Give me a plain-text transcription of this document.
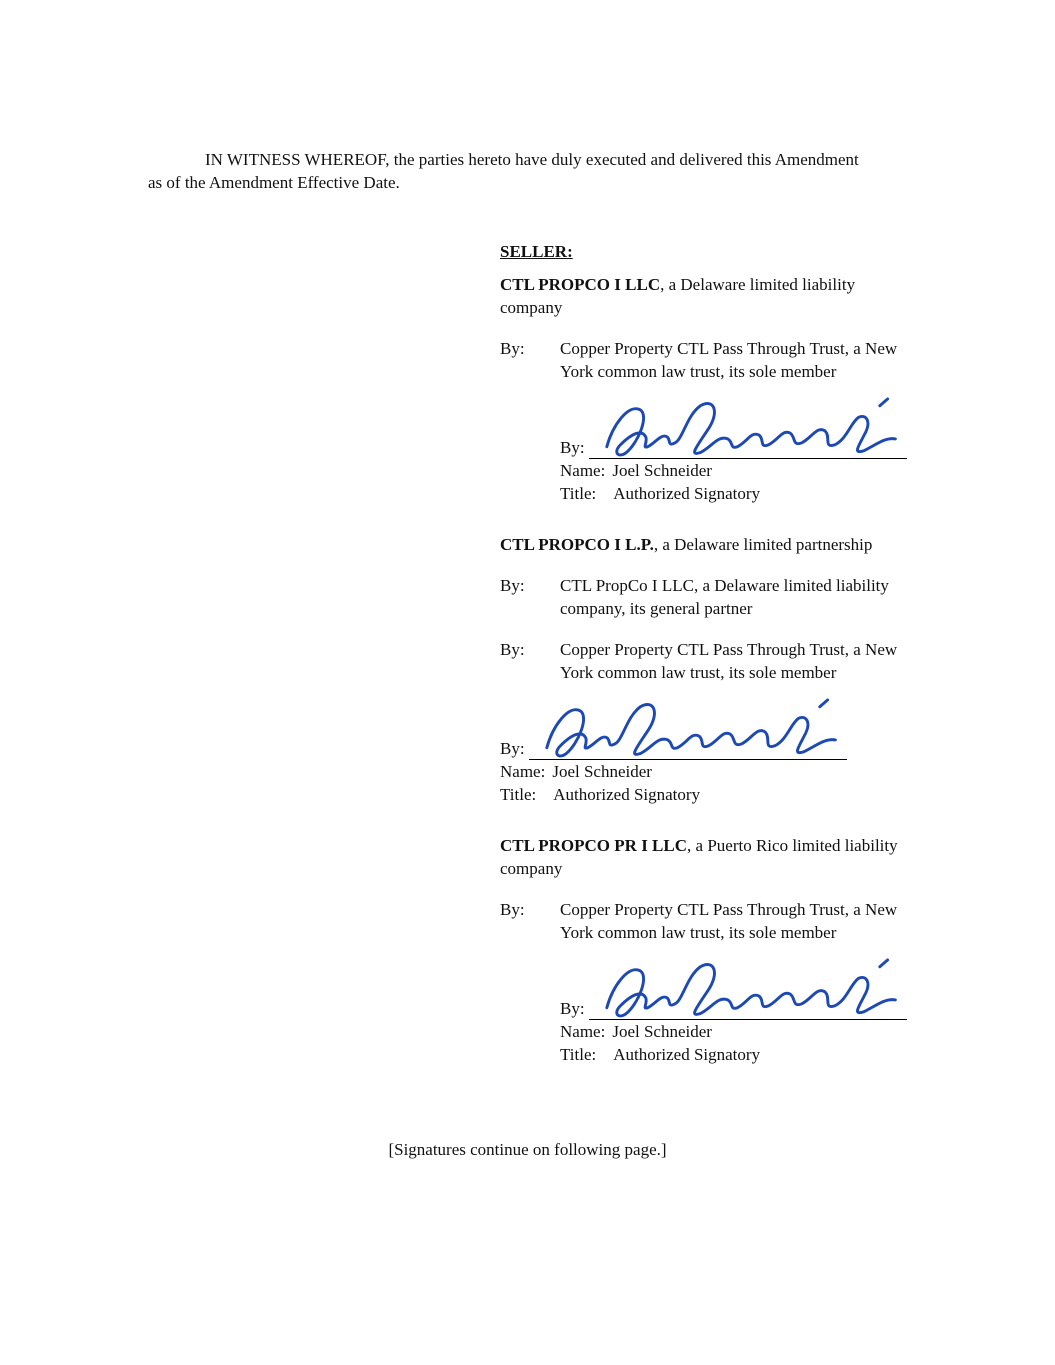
IN WITNESS WHEREOF, the parties hereto have duly executed and delivered this Amendment as of the Amendment Effective Date.

SELLER:

CTL PROPCO I LLC, a Delaware limited liability company

By:	Copper Property CTL Pass Through Trust, a New York common law trust, its sole member
By:
Name: Joel Schneider
Title: Authorized Signatory

CTL PROPCO I L.P., a Delaware limited partnership

By:	CTL PropCo I LLC, a Delaware limited liability company, its general partner
By:	Copper Property CTL Pass Through Trust, a New York common law trust, its sole member
By:
Name: Joel Schneider
Title: Authorized Signatory

CTL PROPCO PR I LLC, a Puerto Rico limited liability company

By:	Copper Property CTL Pass Through Trust, a New York common law trust, its sole member
By:
Name: Joel Schneider
Title: Authorized Signatory

[Signatures continue on following page.]
